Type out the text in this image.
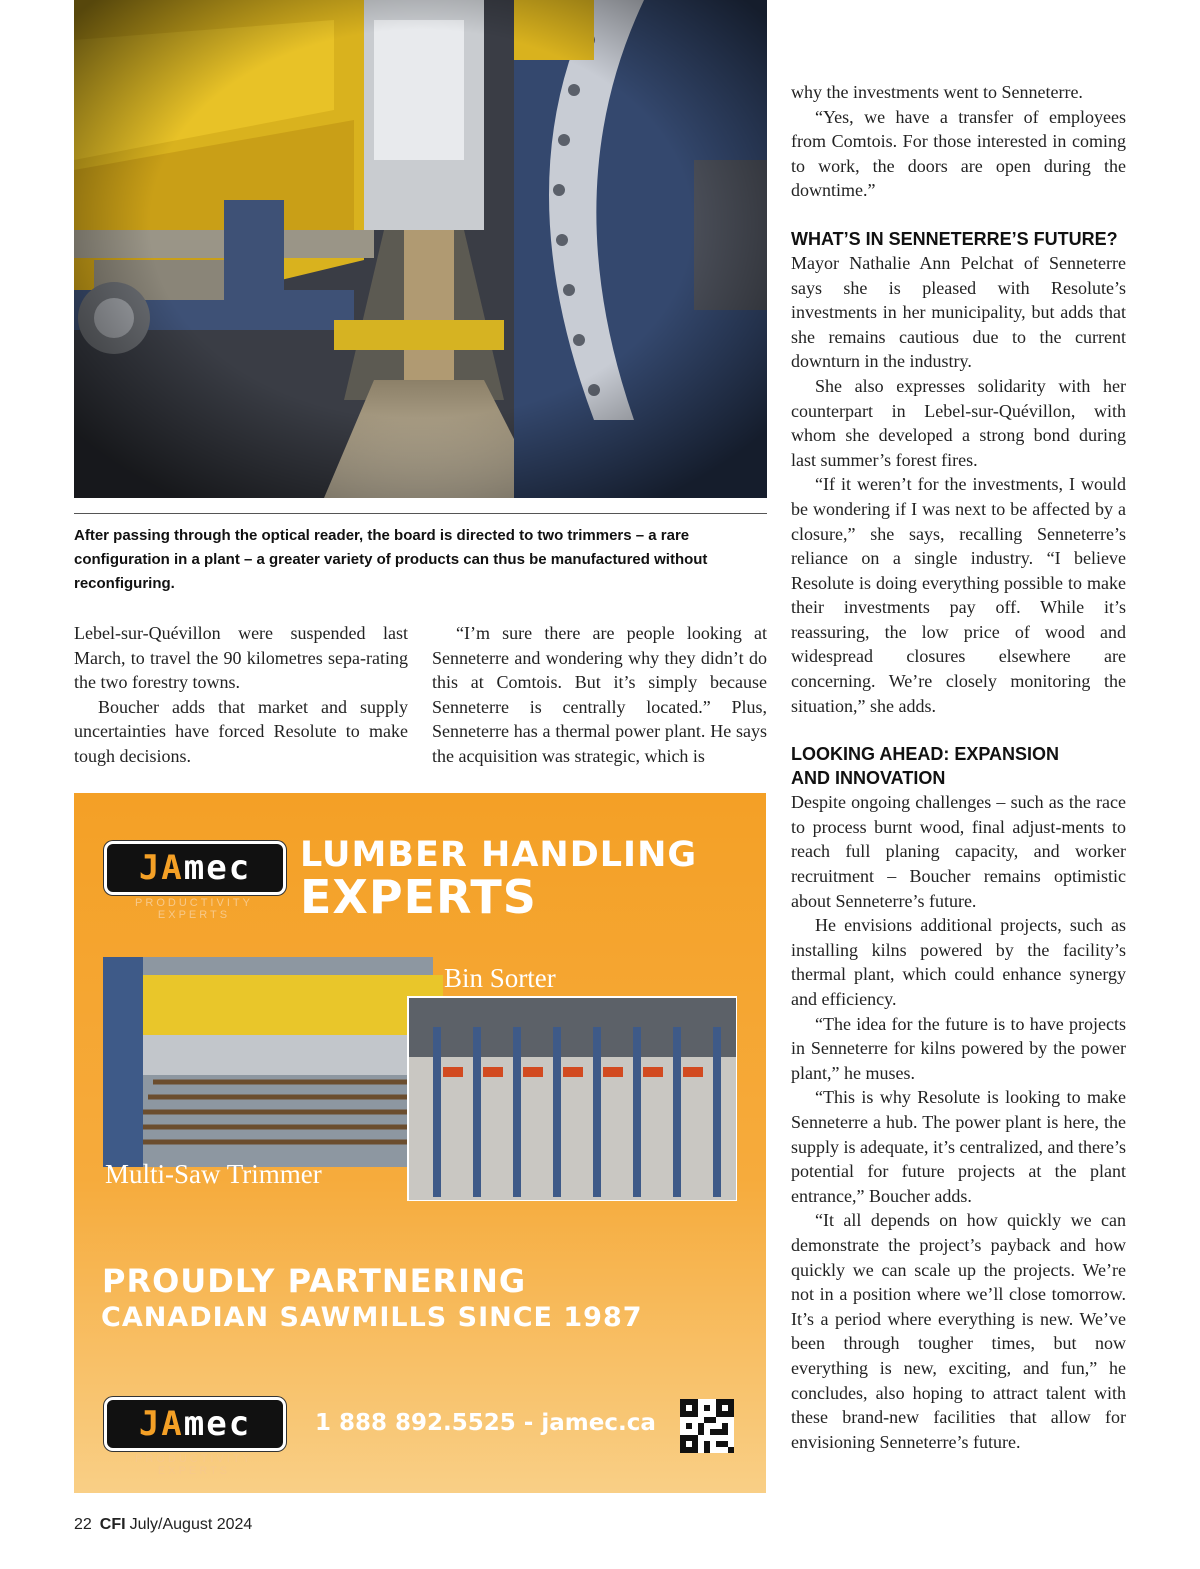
After passing through the optical reader, the board is directed to two trimmers – a rare configuration in a plant – a greater variety of products can thus be manufactured without reconfiguring.

Lebel-sur-Quévillon were suspended last March, to travel the 90 kilometres sepa-rating the two forestry towns.
Boucher adds that market and supply uncertainties have forced Resolute to make tough decisions.
“I’m sure there are people looking at Senneterre and wondering why they didn’t do this at Comtois. But it’s simply because Senneterre is centrally located.” Plus, Senneterre has a thermal power plant. He says the acquisition was strategic, which is
why the investments went to Senneterre.
“Yes, we have a transfer of employees from Comtois. For those interested in coming to work, the doors are open during the downtime.”

WHAT’S IN SENNETERRE’S FUTURE?

Mayor Nathalie Ann Pelchat of Senneterre says she is pleased with Resolute’s investments in her municipality, but adds that she remains cautious due to the current downturn in the industry.
She also expresses solidarity with her counterpart in Lebel-sur-Quévillon, with whom she developed a strong bond during last summer’s forest fires.
“If it weren’t for the investments, I would be wondering if I was next to be affected by a closure,” she says, recalling Senneterre’s reliance on a single industry. “I believe Resolute is doing everything possible to make their investments pay off. While it’s reassuring, the low price of wood and widespread closures elsewhere are concerning. We’re closely monitoring the situation,” she adds.

LOOKING AHEAD: EXPANSION
AND INNOVATION

Despite ongoing challenges – such as the race to process burnt wood, final adjust-ments to reach full planing capacity, and worker recruitment – Boucher remains optimistic about Senneterre’s future.
He envisions additional projects, such as installing kilns powered by the facility’s thermal plant, which could enhance synergy and efficiency.
“The idea for the future is to have projects in Senneterre for kilns powered by the power plant,” he muses.
“This is why Resolute is looking to make Senneterre a hub. The power plant is here, the supply is adequate, it’s centralized, and there’s potential for future projects at the plant entrance,” Boucher adds.
“It all depends on how quickly we can demonstrate the project’s payback and how quickly we can scale up the projects. We’re not in a position where we’ll close tomorrow. It’s a period where everything is new. We’ve been through tougher times, but now everything is new, exciting, and fun,” he concludes, also hoping to attract talent with these brand-new facilities that allow for envisioning Senneterre’s future.
JA mec
PRODUCTIVITY EXPERTS

LUMBER HANDLING

EXPERTS

Bin Sorter

Multi-Saw Trimmer

PROUDLY PARTNERING

CANADIAN SAWMILLS SINCE 1987

JA mec
PRODUCTIVITY EXPERTS

1 888 892.5525 - jamec.ca

22 CFI July/August 2024
